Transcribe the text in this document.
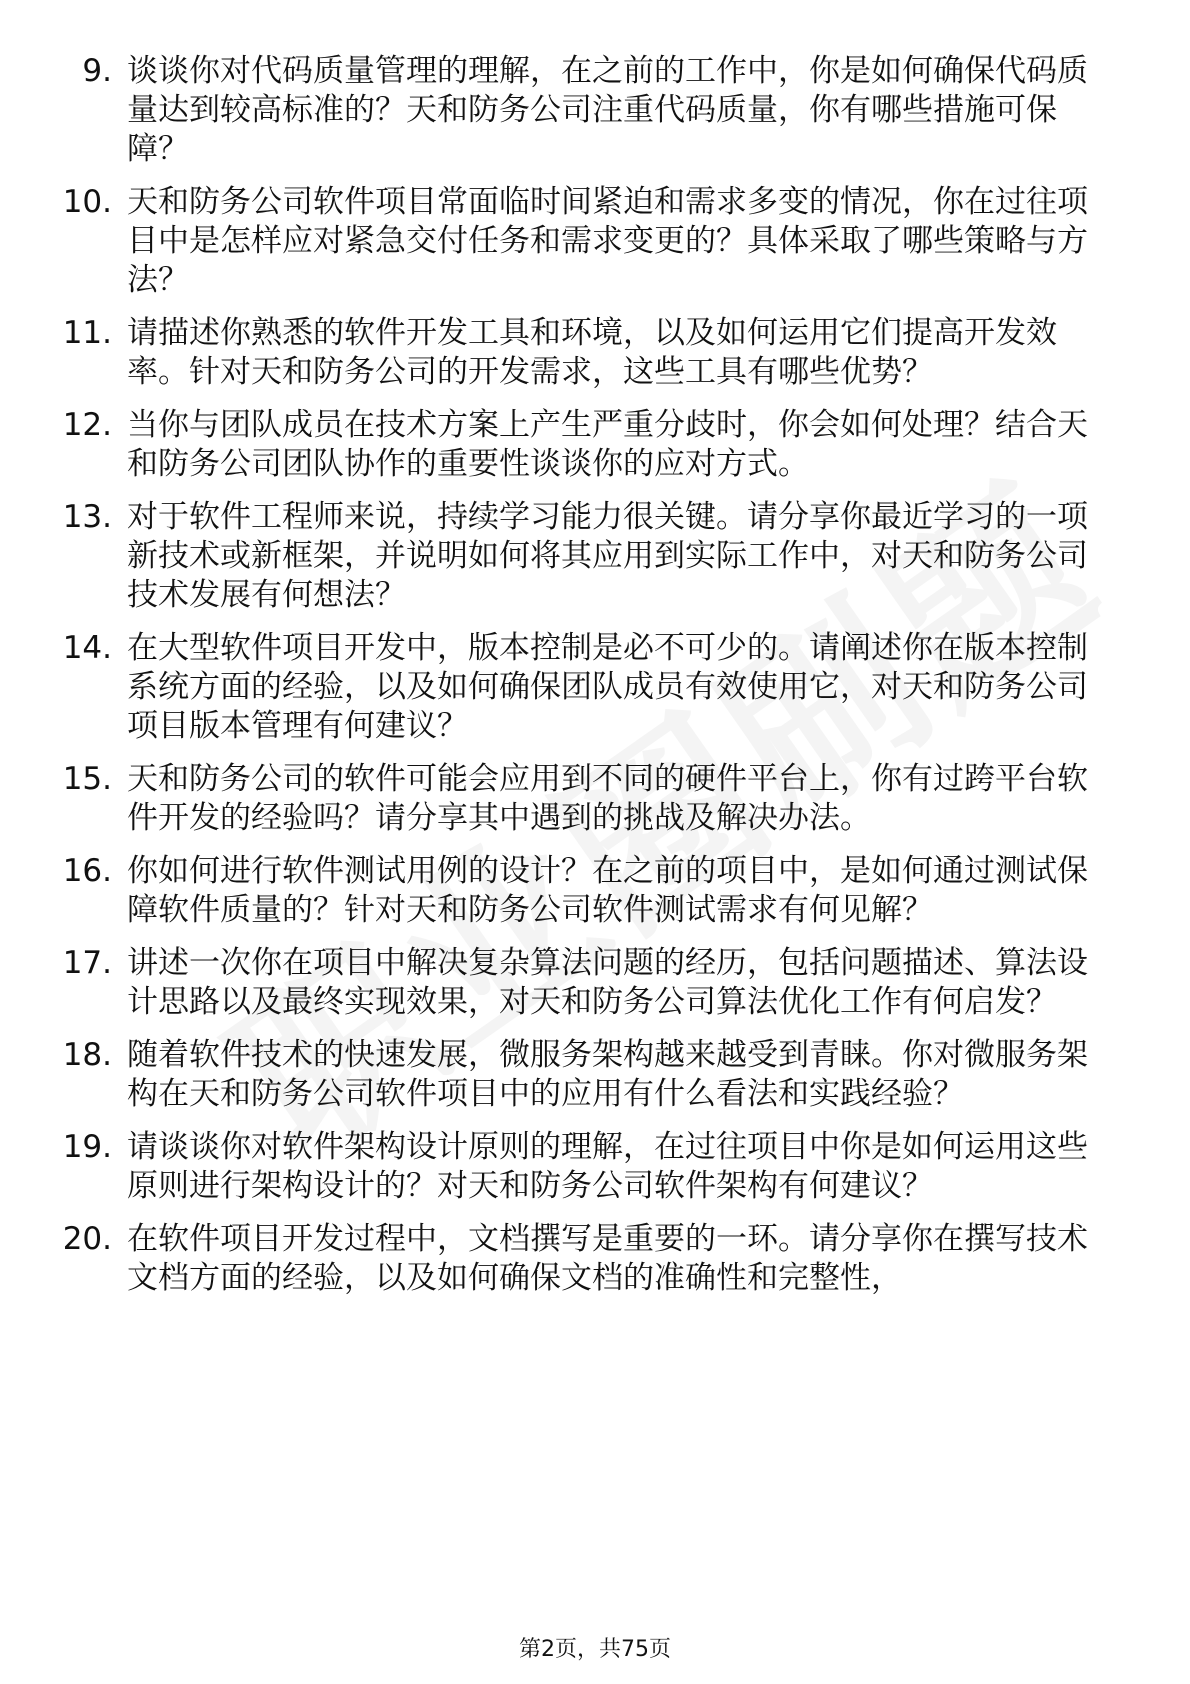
9. 谈谈你对代码质量管理的理解，在之前的工作中，你是如何确保代码质量达到较高标准的？天和防务公司注重代码质量，你有哪些措施可保障？
10. 天和防务公司软件项目常面临时间紧迫和需求多变的情况，你在过往项目中是怎样应对紧急交付任务和需求变更的？具体采取了哪些策略与方法？
11. 请描述你熟悉的软件开发工具和环境，以及如何运用它们提高开发效率。针对天和防务公司的开发需求，这些工具有哪些优势？
12. 当你与团队成员在技术方案上产生严重分歧时，你会如何处理？结合天和防务公司团队协作的重要性谈谈你的应对方式。
13. 对于软件工程师来说，持续学习能力很关键。请分享你最近学习的一项新技术或新框架，并说明如何将其应用到实际工作中，对天和防务公司技术发展有何想法？
14. 在大型软件项目开发中，版本控制是必不可少的。请阐述你在版本控制系统方面的经验，以及如何确保团队成员有效使用它，对天和防务公司项目版本管理有何建议？
15. 天和防务公司的软件可能会应用到不同的硬件平台上，你有过跨平台软件开发的经验吗？请分享其中遇到的挑战及解决办法。
16. 你如何进行软件测试用例的设计？在之前的项目中，是如何通过测试保障软件质量的？针对天和防务公司软件测试需求有何见解？
17. 讲述一次你在项目中解决复杂算法问题的经历，包括问题描述、算法设计思路以及最终实现效果，对天和防务公司算法优化工作有何启发？
18. 随着软件技术的快速发展，微服务架构越来越受到青睐。你对微服务架构在天和防务公司软件项目中的应用有什么看法和实践经验？
19. 请谈谈你对软件架构设计原则的理解，在过往项目中你是如何运用这些原则进行架构设计的？对天和防务公司软件架构有何建议？
20. 在软件项目开发过程中，文档撰写是重要的一环。请分享你在撰写技术文档方面的经验，以及如何确保文档的准确性和完整性，
第2页，共75页
